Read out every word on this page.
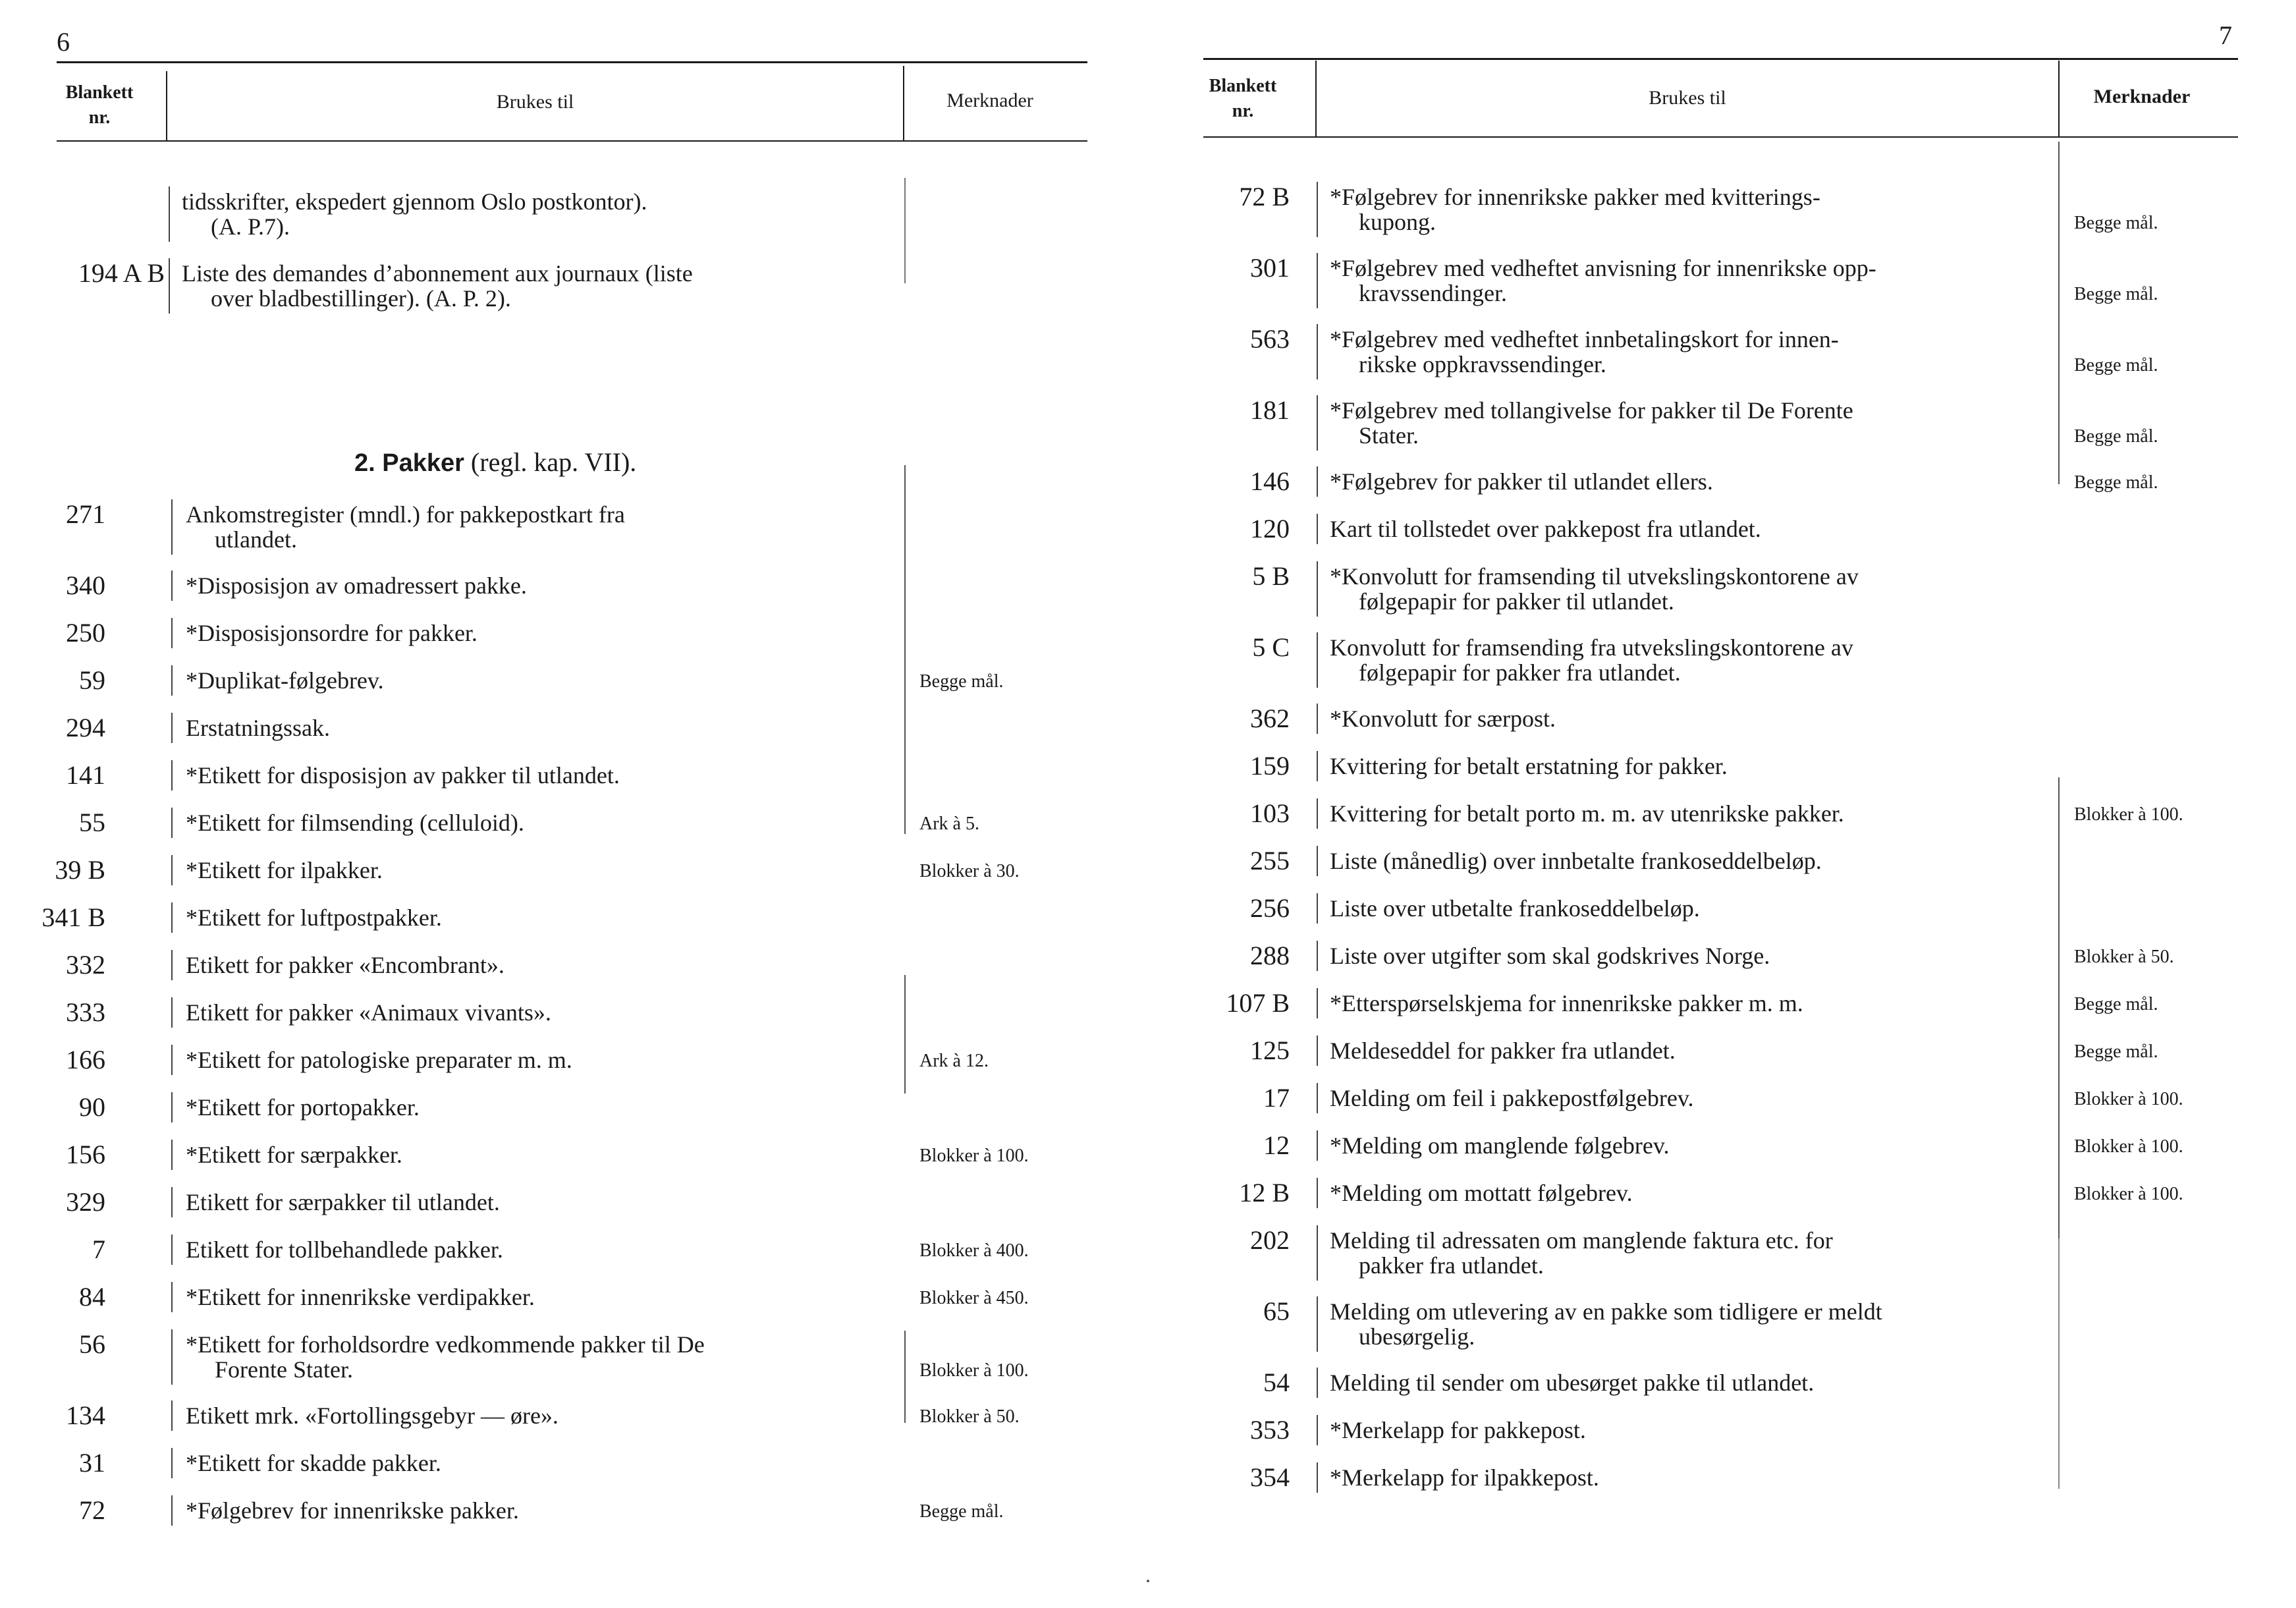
6
Blankett
nr.
Brukes til	Merknader
tidsskrifter, ekspedert gjennom Oslo postkontor).
(A. P.7).
194 A B Liste des demandes d’abonnement aux journaux (liste
over bladbestillinger). (A. P. 2).
2. Pakker (regl. kap. VII).
271	Ankomstregister (mndl.) for pakkepostkart fra
utlandet.
340	*Disposisjon av omadressert pakke.
250	*Disposisjonsordre for pakker.
59	*Duplikat-følgebrev.	Begge mål.
294	Erstatningssak.
141	*Etikett for disposisjon av pakker til utlandet.
55	*Etikett for filmsending (celluloid).	Ark à 5.
39 B	*Etikett for ilpakker.	Blokker à 30.
341 B	*Etikett for luftpostpakker.
332	Etikett for pakker «Encombrant».
333	Etikett for pakker «Animaux vivants».
166	*Etikett for patologiske preparater m. m.	Ark à 12.
90	*Etikett for portopakker.
156	*Etikett for særpakker.	Blokker à 100.
329	Etikett for særpakker til utlandet.
7	Etikett for tollbehandlede pakker.	Blokker à 400.
84	*Etikett for innenrikske verdipakker.	Blokker à 450.
56	*Etikett for forholdsordre vedkommende pakker til De
Forente Stater.	Blokker à 100.
134	Etikett mrk. «Fortollingsgebyr — øre».	Blokker à 50.
31	*Etikett for skadde pakker.
72	*Følgebrev for innenrikske pakker.	Begge mål.
7
Blankett
nr.
Brukes til	Merknader
72 B *Følgebrev for innenrikske pakker med kvitterings-
kupong.	Begge mål.
301 *Følgebrev med vedheftet anvisning for innenrikske opp-
kravssendinger.	Begge mål.
563 *Følgebrev med vedheftet innbetalingskort for innen-
rikske oppkravssendinger.	Begge mål.
181 *Følgebrev med tollangivelse for pakker til De Forente
Stater.	Begge mål.
146 *Følgebrev for pakker til utlandet ellers.	Begge mål.
120 Kart til tollstedet over pakkepost fra utlandet.
5 B *Konvolutt for framsending til utvekslingskontorene av
følgepapir for pakker til utlandet.
5 C Konvolutt for framsending fra utvekslingskontorene av
følgepapir for pakker fra utlandet.
362 *Konvolutt for særpost.
159 Kvittering for betalt erstatning for pakker.
103 Kvittering for betalt porto m. m. av utenrikske pakker.	Blokker à 100.
255 Liste (månedlig) over innbetalte frankoseddelbeløp.
256 Liste over utbetalte frankoseddelbeløp.
288 Liste over utgifter som skal godskrives Norge.	Blokker à 50.
107 B *Etterspørselskjema for innenrikske pakker m. m.	Begge mål.
125 Meldeseddel for pakker fra utlandet.	Begge mål.
17 Melding om feil i pakkepostfølgebrev.	Blokker à 100.
12 *Melding om manglende følgebrev.	Blokker à 100.
12 B *Melding om mottatt følgebrev.	Blokker à 100.
202 Melding til adressaten om manglende faktura etc. for
pakker fra utlandet.
65 Melding om utlevering av en pakke som tidligere er meldt
ubesørgelig.
54 Melding til sender om ubesørget pakke til utlandet.
353 *Merkelapp for pakkepost.
354 *Merkelapp for ilpakkepost.
